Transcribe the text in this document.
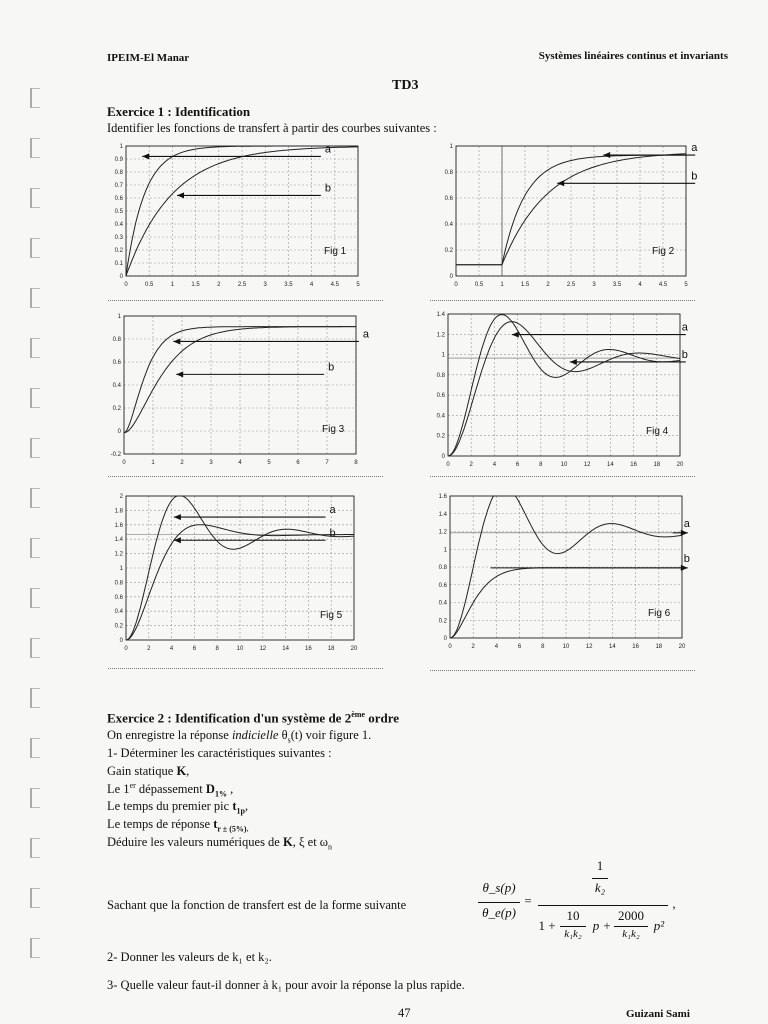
IPEIM-El Manar	Systèmes linéaires continus et invariants
TD3
Exercice 1 : Identification
Identifier les fonctions de transfert à partir des courbes suivantes :
0	0.5	1	1.5	2	2.5	3	3.5	4	4.5	5
0
0.1
0.2
0.3
0.4
0.5
0.6
0.7
0.8
0.9
1	a
b
Fig 1
0	0.5	1	1.5	2	2.5	3	3.5	4	4.5	5
0
0.2
0.4
0.6
0.8
1	a
b
Fig 2
0	1	2	3	4	5	6	7	8
-0.2
0
0.2
0.4
0.6
0.8
1
a
b
Fig 3
0	2	4	6	8	10	12	14	16	18	20
0
0.2
0.4
0.6
0.8
1
1.2
1.4
a
b
Fig 4
0	2	4	6	8	10	12	14	16	18	20
0
0.2
0.4
0.6
0.8
1
1.2
1.4
1.6
1.8
2
a
b
Fig 5
0	2	4	6	8	10	12	14	16	18	20
0
0.2
0.4
0.6
0.8
1
1.2
1.4
1.6
a
b
Fig 6
Exercice 2 : Identification d'un système de 2ème ordre
On enregistre la réponse indicielle $\theta_s(t)$ voir figure 1.
1- Déterminer les caractéristiques suivantes :
Gain statique K,
Le 1er dépassement $D_{1\%}$ ,
Le temps du premier pic $t_{1p}$,
Le temps de réponse $t_{r \pm (5\%).}$
Déduire les valeurs numériques de K, ξ et $\omega_n$
Sachant que la fonction de transfert est de la forme suivante
θ_s(p)
θ_e(p)
=
1
k₂
1 +
10
k₁k₂
p +
2000
k₁k₂
p²
,
2- Donner les valeurs de k₁ et k₂.
3- Quelle valeur faut-il donner à k₁ pour avoir la réponse la plus rapide.
47	Guizani Sami
